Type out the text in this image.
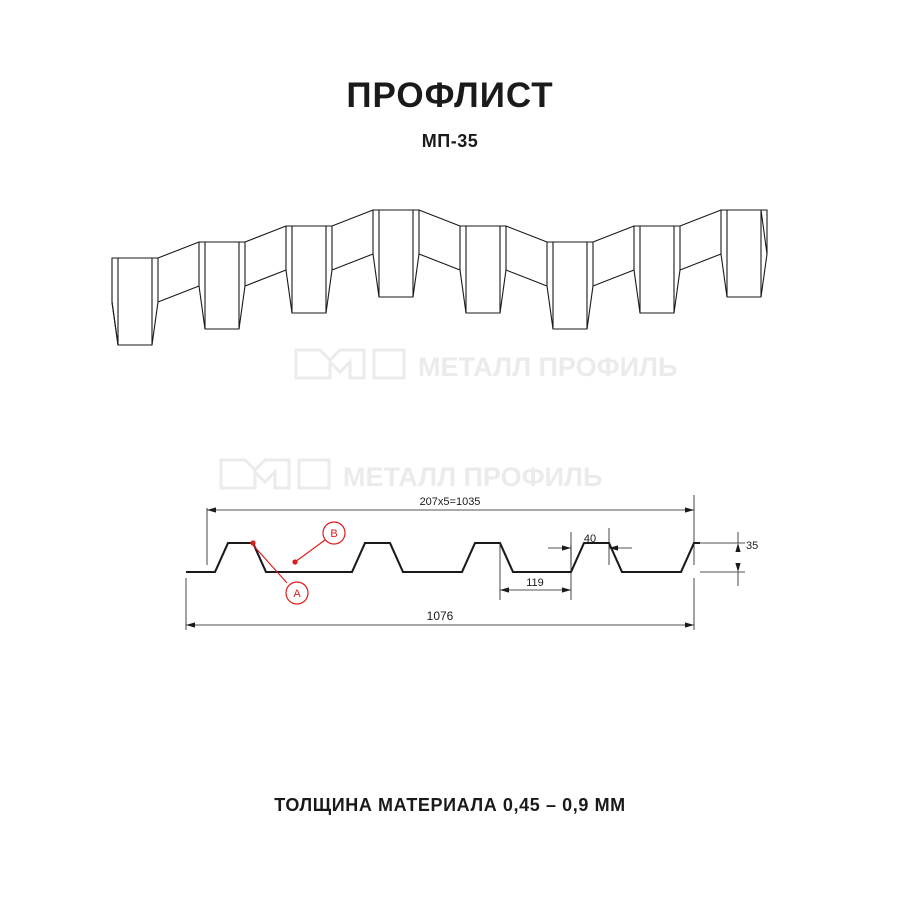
ПРОФЛИСТ
МП-35
207х5=1035
40
119
35
1076
A
B
МЕТАЛЛ ПРОФИЛЬ
МЕТАЛЛ ПРОФИЛЬ
ТОЛЩИНА МАТЕРИАЛА 0,45 – 0,9 ММ
